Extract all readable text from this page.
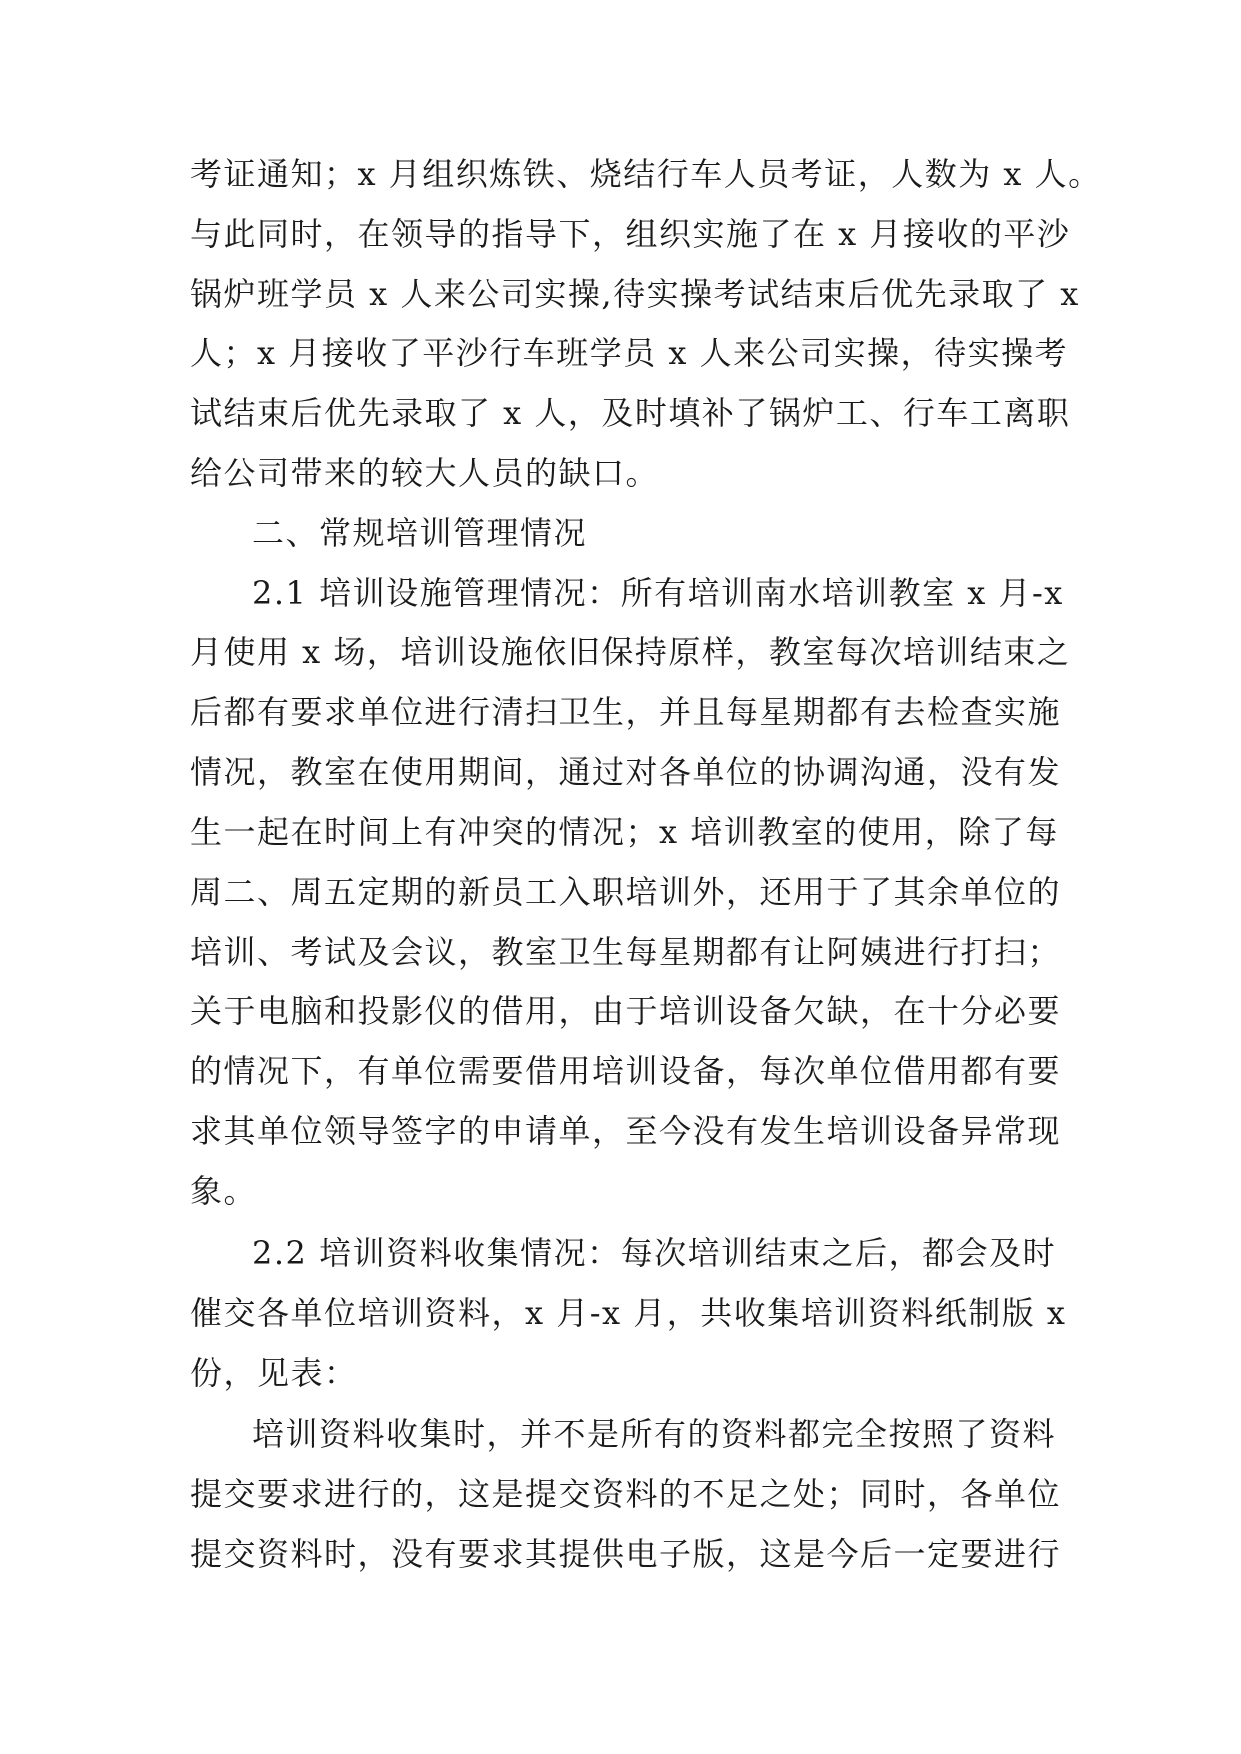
考证通知；x 月组织炼铁、烧结行车人员考证，人数为 x 人。
与此同时，在领导的指导下，组织实施了在 x 月接收的平沙
锅炉班学员 x 人来公司实操,待实操考试结束后优先录取了 x
人；x 月接收了平沙行车班学员 x 人来公司实操，待实操考
试结束后优先录取了 x 人，及时填补了锅炉工、行车工离职
给公司带来的较大人员的缺口。
二、常规培训管理情况
2.1 培训设施管理情况：所有培训南水培训教室 x 月-x
月使用 x 场，培训设施依旧保持原样，教室每次培训结束之
后都有要求单位进行清扫卫生，并且每星期都有去检查实施
情况，教室在使用期间，通过对各单位的协调沟通，没有发
生一起在时间上有冲突的情况；x 培训教室的使用，除了每
周二、周五定期的新员工入职培训外，还用于了其余单位的
培训、考试及会议，教室卫生每星期都有让阿姨进行打扫；
关于电脑和投影仪的借用，由于培训设备欠缺，在十分必要
的情况下，有单位需要借用培训设备，每次单位借用都有要
求其单位领导签字的申请单，至今没有发生培训设备异常现
象。
2.2 培训资料收集情况：每次培训结束之后，都会及时
催交各单位培训资料，x 月-x 月，共收集培训资料纸制版 x
份，见表：
培训资料收集时，并不是所有的资料都完全按照了资料
提交要求进行的，这是提交资料的不足之处；同时，各单位
提交资料时，没有要求其提供电子版，这是今后一定要进行
